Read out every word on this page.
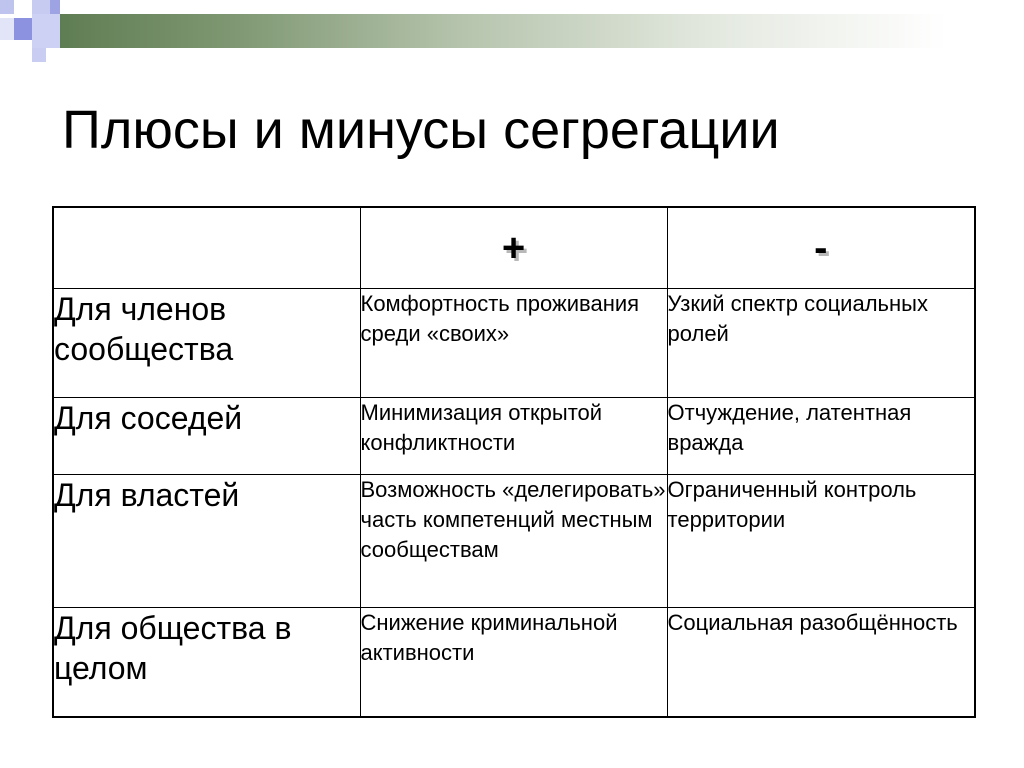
Плюсы и минусы сегрегации
	+	-
Для членов сообщества	Комфортность проживания среди «своих»	Узкий спектр социальных ролей
Для соседей	Минимизация открытой конфликтности	Отчуждение, латентная вражда
Для властей	Возможность «делегировать» часть компетенций местным сообществам	Ограниченный контроль территории
Для общества в целом	Снижение криминальной активности	Социальная разобщённость
